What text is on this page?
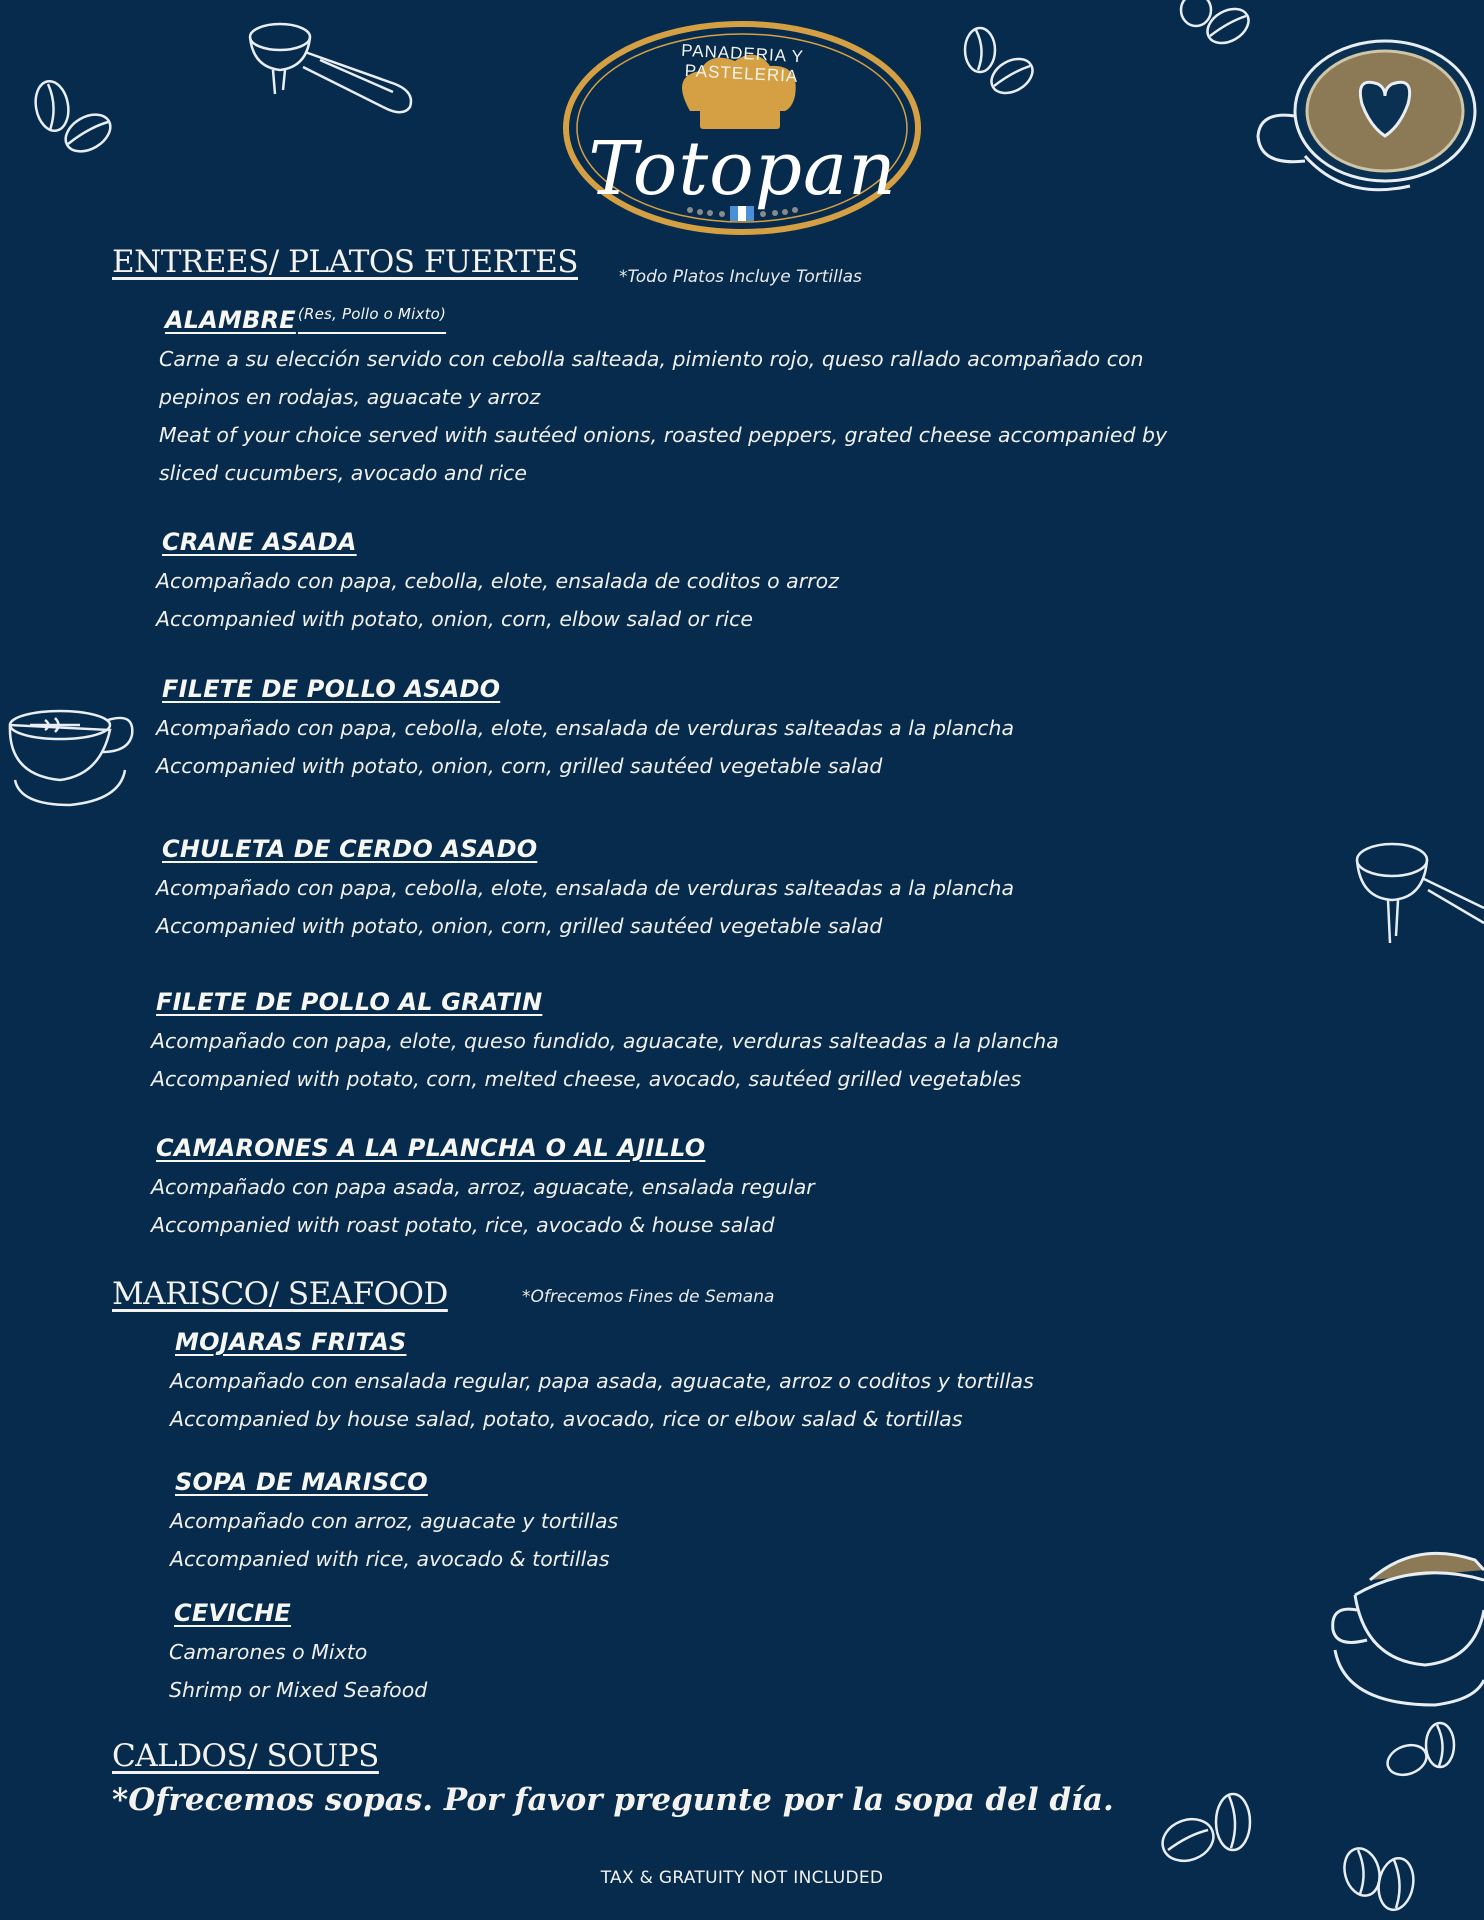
PANADERIA Y PASTELERIA
Totopan
ENTREES/ PLATOS FUERTES *Todo Platos Incluye Tortillas
ALAMBRE $^{(Res, Pollo o Mixto)}$
Carne a su elección servido con cebolla salteada, pimiento rojo, queso rallado acompañado con
pepinos en rodajas, aguacate y arroz
Meat of your choice served with sautéed onions, roasted peppers, grated cheese accompanied by
sliced cucumbers, avocado and rice
CRANE ASADA
Acompañado con papa, cebolla, elote, ensalada de coditos o arroz
Accompanied with potato, onion, corn, elbow salad or rice
FILETE DE POLLO ASADO
Acompañado con papa, cebolla, elote, ensalada de verduras salteadas a la plancha
Accompanied with potato, onion, corn, grilled sautéed vegetable salad
CHULETA DE CERDO ASADO
Acompañado con papa, cebolla, elote, ensalada de verduras salteadas a la plancha
Accompanied with potato, onion, corn, grilled sautéed vegetable salad
FILETE DE POLLO AL GRATIN
Acompañado con papa, elote, queso fundido, aguacate, verduras salteadas a la plancha
Accompanied with potato, corn, melted cheese, avocado, sautéed grilled vegetables
CAMARONES A LA PLANCHA O AL AJILLO
Acompañado con papa asada, arroz, aguacate, ensalada regular
Accompanied with roast potato, rice, avocado & house salad
MARISCO/ SEAFOOD	*Ofrecemos Fines de Semana
MOJARAS FRITAS
Acompañado con ensalada regular, papa asada, aguacate, arroz o coditos y tortillas
Accompanied by house salad, potato, avocado, rice or elbow salad & tortillas
SOPA DE MARISCO
Acompañado con arroz, aguacate y tortillas
Accompanied with rice, avocado & tortillas
CEVICHE
Camarones o Mixto
Shrimp or Mixed Seafood
CALDOS/ SOUPS
*Ofrecemos sopas. Por favor pregunte por la sopa del día.
TAX & GRATUITY NOT INCLUDED
